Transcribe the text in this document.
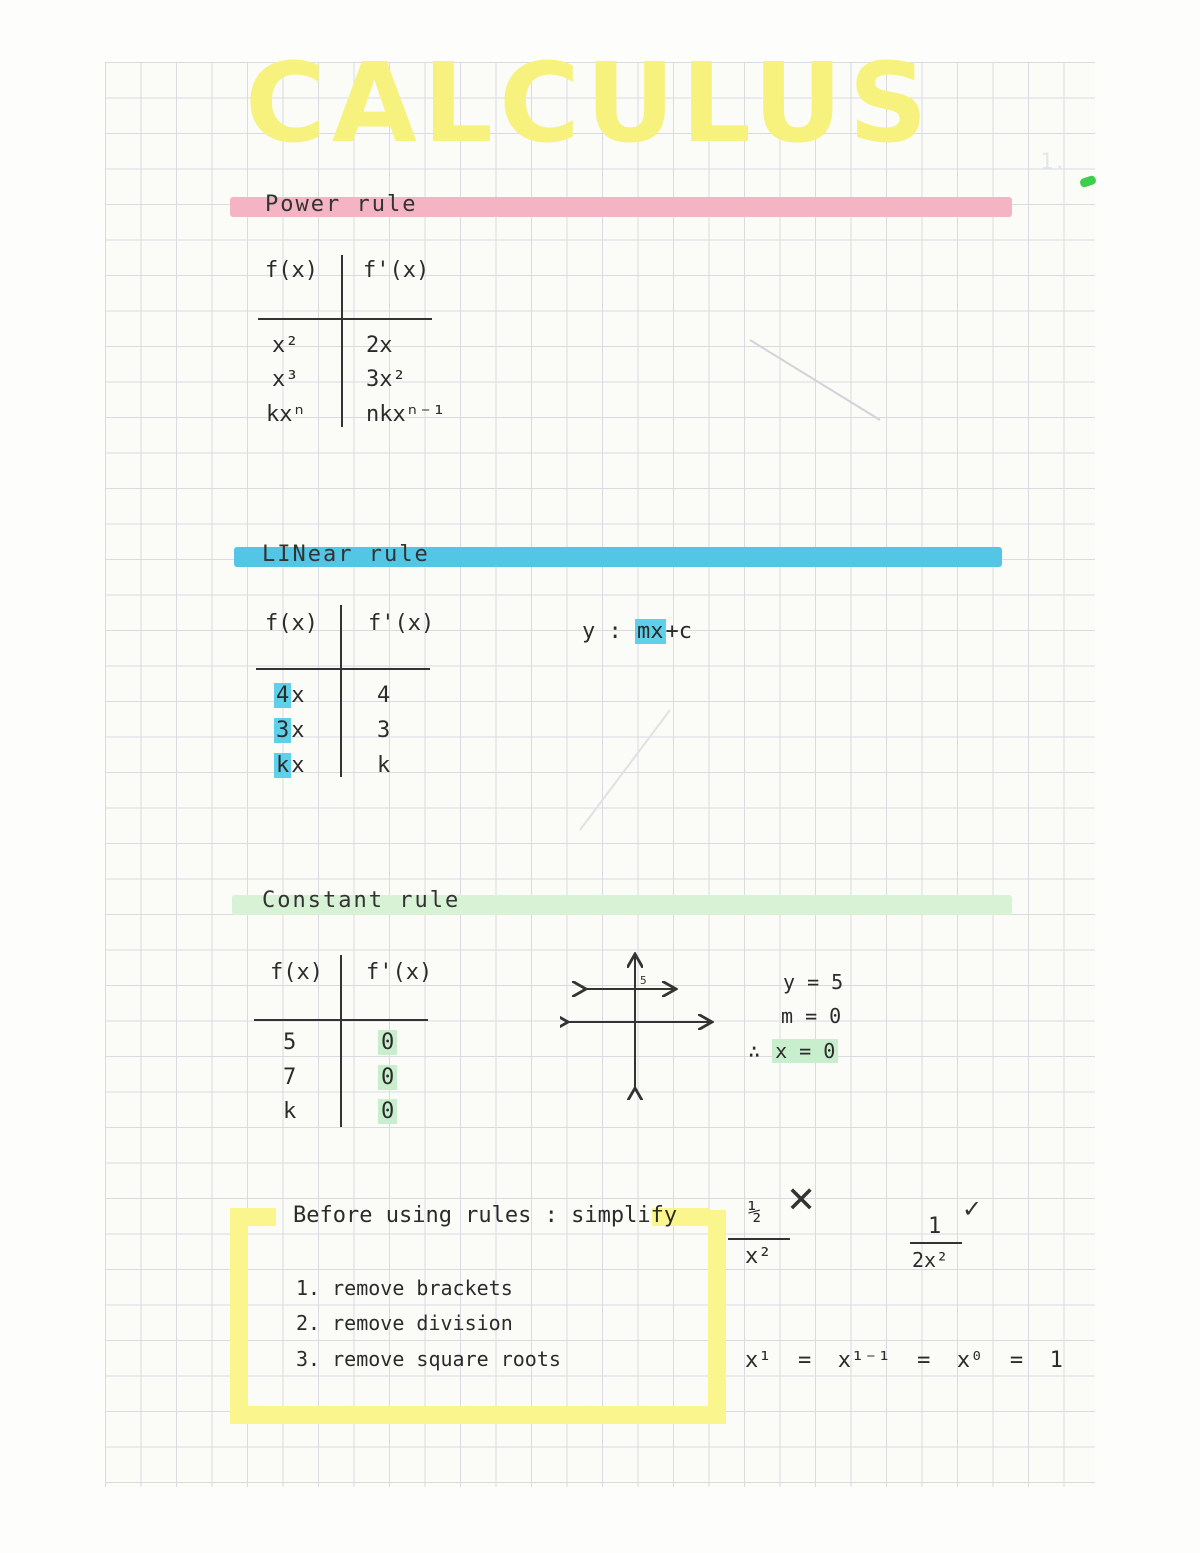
CALCULUS	1.
Power rule
f(x) f'(x)
x²	2x
x³	3x²
kxⁿ	nkxⁿ⁻¹
LINear rule
f(x) f'(x)
4x	4
3x	3
kx	k
y : mx+c
Constant rule
f(x) f'(x)
5	0
7	0
k	0
5	y = 5
m = 0
∴ x = 0
Before using rules : simplify
1. remove brackets
2. remove division
3. remove square roots
½
x²
✕
1
2x²
✓
x¹  =  x¹⁻¹  =  x⁰  =  1
